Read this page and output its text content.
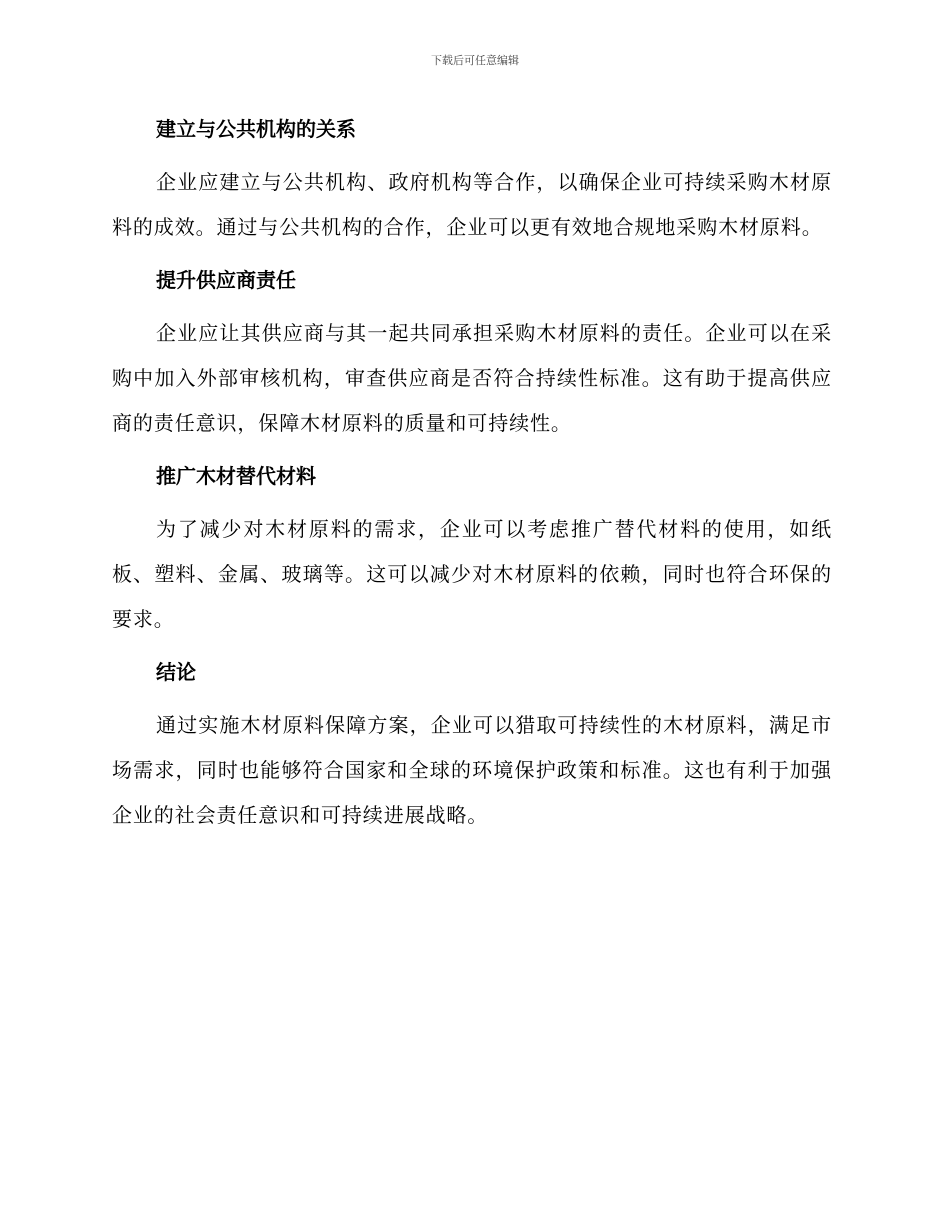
下载后可任意编辑
建立与公共机构的关系

企业应建立与公共机构、政府机构等合作，以确保企业可持续采购木材原料的成效。通过与公共机构的合作，企业可以更有效地合规地采购木材原料。

提升供应商责任

企业应让其供应商与其一起共同承担采购木材原料的责任。企业可以在采购中加入外部审核机构，审查供应商是否符合持续性标准。这有助于提高供应商的责任意识，保障木材原料的质量和可持续性。

推广木材替代材料

为了减少对木材原料的需求，企业可以考虑推广替代材料的使用，如纸板、塑料、金属、玻璃等。这可以减少对木材原料的依赖，同时也符合环保的要求。

结论

通过实施木材原料保障方案，企业可以猎取可持续性的木材原料，满足市场需求，同时也能够符合国家和全球的环境保护政策和标准。这也有利于加强企业的社会责任意识和可持续进展战略。
